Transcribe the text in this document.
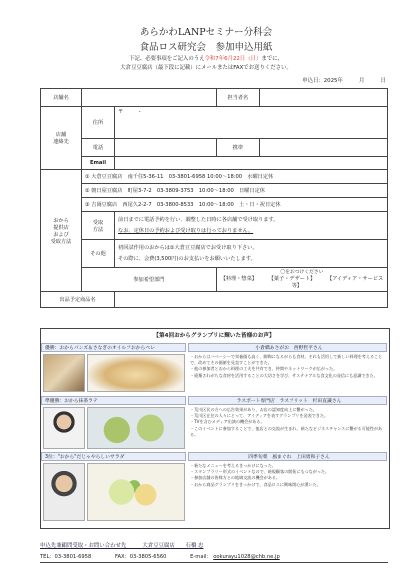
あらかわLANPセミナー分科会
食品ロス研究会　参加申込用紙
下記、必要事項をご記入のうえ令和7年6月22日（日）までに、
大倉豆豆腐店（最下段に記載）にメールまたはFAXでお送りください。
申込日：2025年　　　月　　　日
店舗名			担当者名	
店舗
連絡先	住所	〒　　　-		
	電話		携帯	
	Email			
おから
提供店
および
受取方法	① 大倉豆豆腐店　南千住5-36-11　03-3801-6958 10:00～18:00　水曜日定休			
	② 朝日屋豆腐店　町屋3-7-2　03-3809-3753　10:00～18:00　日曜日定休			
	③ 吉岡豆腐店　西尾久2-2-7　03-3800-8533　10:00～18:00　土・日・祝日定休			
	受取
方法	前日までに電話予約を行い、調整した日時に各店舗で受け取ります。
なお、定休日の予約および受け取りは行っておりません。		
	その他	初回試作用のおからは①大倉豆豆腐店でお受け取り下さい。
その際に、会費(3,500円)のお支払いをお願いいたします。		
	参加希望部門		〇をおつけください
【料理・惣菜】 【菓子・デザート】 【アイディア・サービス等】	

出品予定商品名				
【第4回おからグランプリに輝いた皆様のお声】
優勝：おからパンズ＆さなぎのオイルフおからペレ	小倉橋あさがお　西野哲平さん
・おからはハベーシーで栄養価も高く、脚陶になるがらも食材。それも活用して新しい料理を考えることで、改めてその価値を見直すことができた。
・他の参加者とおから料理の工夫を共有でき、仲間やネットワークが広がった。
・廃棄されがちな食材を活用することの大切さを学び、サステナブルな食文化の発信にも意識できた。
準優勝：おから抹茶ラテ	ラスポート専門店　ラスフリット　杉田直識さん
・荒川区民の方への広告効果があり、お店の認知度向上に繋がった。
・荒川区在住の人々にとって、アイディアを表すグランプリを発表できた。
・TVを含むメディア出演の機会がある。
・このイベントに参加することで、他店との交流が生まれ、新たなビジネスチャンスに繋がる可能性がある。
3位："おから"だじゃやらしいサラダ	四季旬菜　風まぐれ　上田勇和子さん
・新たなメニューを考えるきっかけになった。
・スタンプラリー形式のイベントなので、新規顧客の開拓にもつながった。
・参加店舗の皆様方との地域交流の機会がある。
・おから商品グランプリをきっかけで、食品ロスに興味関心が湧いた。
申込先兼顧問受取・お問い合わせ先　　　大倉豆豆腐店　　石橋 忠
TEL：03-3801-6958	FAX：03-3805-6560	E-mail： ookurayu1028@chb.ne.jp
